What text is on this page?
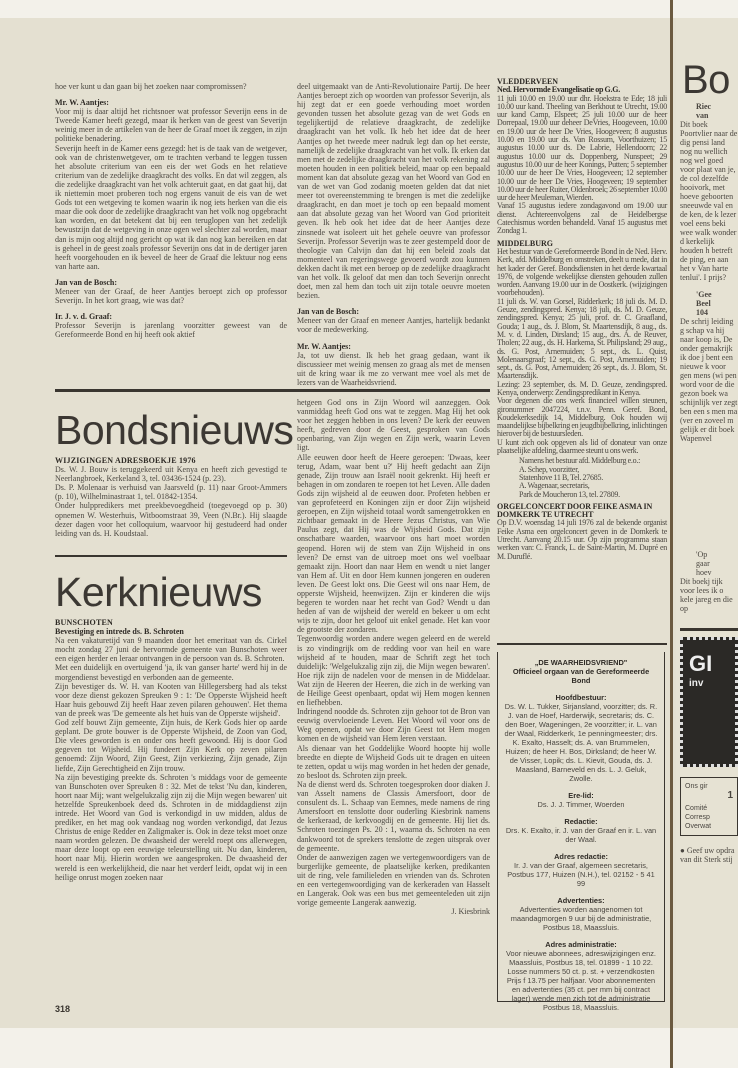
hoe ver kunt u dan gaan bij het zoeken naar compromissen?

Mr. W. Aantjes:

Voor mij is daar altijd het richtsnoer wat professor Severijn eens in de Tweede Kamer heeft gezegd, maar ik herken van de geest van Severijn weinig meer in de artikelen van de heer de Graaf moet ik zeggen, in zijn politieke benadering.

Severijn heeft in de Kamer eens gezegd: het is de taak van de wetgever, ook van de christenwetgever, om te trachten verband te leggen tussen het absolute criterium van een eis der wet Gods en het relatieve criterium van de zedelijke draagkracht des volks. En dat wil zeggen, als die zedelijke draagkracht van het volk achteruit gaat, en dat gaat hij, dat ik niettemin moet proberen toch nog ergens vanuit de eis van de wet Gods tot een wetgeving te komen waarin ik nog iets herken van die eis maar die ook door de zedelijke draagkracht van het volk nog opgebracht kan worden, en dat betekent dat bij een teruglopen van het zedelijk bewustzijn dat de wetgeving in onze ogen wel slechter zal worden, maar dan is mijn oog altijd nog gericht op wat ik dan nog kan bereiken en dat is geheel in de geest zoals professor Severijn ons dat in de dertiger jaren heeft voorgehouden en ik beveel de heer de Graaf die lektuur nog eens van harte aan.

Jan van de Bosch:

Meneer van der Graaf, de heer Aantjes beroept zich op professor Severijn. In het kort graag, wie was dat?

Ir. J. v. d. Graaf:

Professor Severijn is jarenlang voorzitter geweest van de Gereformeerde Bond en hij heeft ook aktief

deel uitgemaakt van de Anti-Revolutionaire Partij. De heer Aantjes beroept zich op woorden van professor Severijn, als hij zegt dat er een goede verhouding moet worden gevonden tussen het absolute gezag van de wet Gods en tegelijkertijd de relatieve draagkracht, de zedelijke draagkracht van het volk. Ik heb het idee dat de heer Aantjes op het tweede meer nadruk legt dan op het eerste, namelijk de zedelijke draagkracht van het volk. Ik erken dat men met de zedelijke draagkracht van het volk rekening zal moeten houden in een politiek beleid, maar op een bepaald moment kan dat absolute gezag van het Woord van God en van de wet van God zodanig moeten gelden dat dat niet meer tot overeenstemming te brengen is met die zedelijke draagkracht, en dan moet je toch op een bepaald moment aan dat absolute gezag van het Woord van God prioriteit geven. Ik heb ook het idee dat de heer Aantjes deze zinsnede wat isoleert uit het gehele oeuvre van professor Severijn. Professor Severijn was te zeer gestempeld door de theologie van Calvijn dan dat hij een beleid zoals dat momenteel van regeringswege gevoerd wordt zou kunnen dekken dacht ik met een beroep op de zedelijke draagkracht van het volk. Ik geloof dat men dan toch Severijn onrecht doet, men zal hem dan toch uit zijn totale oeuvre moeten bezien.

Jan van de Bosch:

Meneer van der Graaf en meneer Aantjes, hartelijk bedankt voor de medewerking.

Mr. W. Aantjes:

Ja, tot uw dienst. Ik heb het graag gedaan, want ik discussieer met weinig mensen zo graag als met de mensen uit de kring waar ik me zo verwant mee voel als met de lezers van de Waarheidsvriend.

Bondsnieuws
WIJZIGINGEN ADRESBOEKJE 1976

Ds. W. J. Bouw is teruggekeerd uit Kenya en heeft zich gevestigd te Neerlangbroek, Kerkeland 3, tel. 03436-1524 (p. 23).

Ds. P. Molenaar is verhuisd van Jaarsveld (p. 11) naar Groot-Ammers (p. 10), Wilhelminastraat 1, tel. 01842-1354.

Onder hulppredikers met preekbevoegdheid (toegevoegd op p. 30) opnemen W. Westerhuis, Witboomstraat 39, Veen (N.Br.). Hij slaagde dezer dagen voor het colloquium, waarvoor hij gestudeerd had onder leiding van ds. H. Koudstaal.

Kerknieuws
BUNSCHOTEN
Bevestiging en intrede ds. B. Schroten

Na een vakaturetijd van 9 maanden door het emeritaat van ds. Cirkel mocht zondag 27 juni de hervormde gemeente van Bunschoten weer een eigen herder en leraar ontvangen in de persoon van ds. B. Schroten.

Met een duidelijk en overtuigend 'ja, ik van ganser harte' werd hij in de morgendienst bevestigd en verbonden aan de gemeente.

Zijn bevestiger ds. W. H. van Kooten van Hillegersberg had als tekst voor deze dienst gekozen Spreuken 9 : 1: 'De Opperste Wijsheid heeft Haar huis gebouwd Zij heeft Haar zeven pilaren gehouwen'. Het thema van de preek was 'De gemeente als het huis van de Opperste wijsheid'.

God zelf bouwt Zijn gemeente, Zijn huis, de Kerk Gods hier op aarde geplant. De grote bouwer is de Opperste Wijsheid, de Zoon van God, Die vlees geworden is en onder ons heeft gewoond. Hij is door God gegeven tot Wijsheid. Hij fundeert Zijn Kerk op zeven pilaren genoemd: Zijn Woord, Zijn Geest, Zijn verkiezing, Zijn genade, Zijn liefde, Zijn Gerechtigheid en Zijn trouw.

Na zijn bevestiging preekte ds. Schroten 's middags voor de gemeente van Bunschoten over Spreuken 8 : 32. Met de tekst 'Nu dan, kinderen, hoort naar Mij; want welgelukzalig zijn zij die Mijn wegen bewaren' uit hetzelfde Spreukenboek deed ds. Schroten in de middagdienst zijn intrede. Het Woord van God is verkondigd in uw midden, aldus de prediker, en het mag ook vandaag nog worden verkondigd, dat Jezus Christus de enige Redder en Zaligmaker is. Ook in deze tekst moet onze naam worden gelezen. De dwaasheid der wereld roept ons allerwegen, maar deze loopt op een eeuwige teleurstelling uit. Nu dan, kinderen, hoort naar Mij. Hierin worden we aangesproken. De dwaasheid der wereld is een werkelijkheid, die naar het verderf leidt, opdat wij in een heilige onrust mogen zoeken naar

hetgeen God ons in Zijn Woord wil aanzeggen. Ook vanmiddag heeft God ons wat te zeggen. Mag Hij het ook voor het zeggen hebben in ons leven? De kerk der eeuwen heeft, gedreven door de Geest, gesproken van Gods openbaring, van Zijn wegen en Zijn werk, waarin Leven ligt.

Alle eeuwen door heeft de Heere geroepen: 'Dwaas, keer terug, Adam, waar bent u?' Hij heeft gedacht aan Zijn genade, Zijn trouw aan Israël nooit gekrenkt. Hij heeft er behagen in om zondaren te roepen tot het Leven. Alle daden Gods zijn wijsheid al de eeuwen door. Profeten hebben er van geprofeteerd en Koningen zijn er door Zijn wijsheid geroepen, en Zijn wijsheid totaal wordt samengetrokken en zichtbaar gemaakt in de Heere Jezus Christus, van Wie Paulus zegt, dat Hij was de Wijsheid Gods. Dat zijn onschatbare waarden, waarvoor ons hart moet worden geopend. Horen wij de stem van Zijn Wijsheid in ons leven? De ernst van de uitroep moet ons wel voelbaar gemaakt zijn. Hoort dan naar Hem en wendt u niet langer van Hem af. Uit en door Hem kunnen jongeren en ouderen leven. De Geest lokt ons. Die Geest wil ons naar Hem, de opperste Wijsheid, heenwijzen. Zijn er kinderen die wijs begeren te worden naar het recht van God? Wendt u dan heden af van de wijsheid der wereld en bekeer u om echt wijs te zijn, door het geloof uit enkel genade. Het kan voor de grootste der zondaren.

Tegenwoordig worden andere wegen geleerd en de wereld is zo vindingrijk om de redding voor van heil en ware wijsheid af te houden, maar de Schrift zegt het toch duidelijk: 'Welgelukzalig zijn zij, die Mijn wegen bewaren'. Hoe rijk zijn de nadelen voor de mensen in de Middelaar. Wat zijn de Heeren der Heeren, die zich in de werking van de Heilige Geest openbaart, opdat wij Hem mogen kennen en liefhebben.

Indringend noodde ds. Schroten zijn gehoor tot de Bron van eeuwig overvloeiende Leven. Het Woord wil voor ons de Weg openen, opdat we door Zijn Geest tot Hem mogen komen en de wijsheid van Hem leren verstaan.

Als dienaar van het Goddelijke Woord hoopte hij wolle breedte en diepte de Wijsheid Gods uit te dragen en uiteen te zetten, opdat u wijs mag worden in het heden der genade, zo besloot ds. Schroten zijn preek.

Na de dienst werd ds. Schroten toegesproken door diaken J. van Asselt namens de Classis Amersfoort, door de consulent ds. L. Schaap van Eemnes, mede namens de ring Amersfoort en tenslotte door ouderling Kiesbrink namens de kerkeraad, de kerkvoogdij en de gemeente. Hij liet ds. Schroten toezingen Ps. 20 : 1, waarna ds. Schroten na een dankwoord tot de sprekers tenslotte de zegen uitsprak over de gemeente.

Onder de aanwezigen zagen we vertegenwoordigers van de burgerlijke gemeente, de plaatselijke kerken, predikanten uit de ring, vele familieleden en vrienden van ds. Schroten en een vertegenwoordiging van de kerkeraden van Hasselt en Langerak. Ook was een bus met gemeenteleden uit zijn vorige gemeente Langerak aanwezig.

J. Kiesbrink

VLEDDERVEEN
Ned. Hervormde Evangelisatie op G.G.

11 juli 10.00 en 19.00 uur dhr. Hoekstra te Ede; 18 juli 10.00 uur kand. Theeling van Berkhout te Utrecht, 19.00 uur kand Camp, Elspeet; 25 juli 10.00 uur de heer Dorrepaal, 19.00 uur deheer DeVries, Hoogeveen, 10.00 en 19.00 uur de heer De Vries, Hoogeveen; 8 augustus 10.00 en 19.00 uur ds. Van Rossum, Voorthuizen; 15 augustus 10.00 uur ds. De Labrie, Hellendoorn; 22 augustus 10.00 uur ds. Doppenberg, Nunspeet; 29 augustus 10.00 uur de heer Konings, Putten; 5 september 10.00 uur de heer De Vries, Hoogeveen; 12 september 10.00 uur de heer De Vries, Hoogeveen; 19 september 10.00 uur de heer Ruiter, Oldenbroek; 26 september 10.00 uur de heer Meuleman, Wierden.

Vanaf 15 augustus iedere zondagavond om 19.00 uur dienst. Achtereenvolgens zal de Heidelbergse Catechismus worden behandeld. Vanaf 15 augustus met Zondag 1.

MIDDELBURG

Het bestuur van de Gereformeerde Bond in de Ned. Herv. Kerk, afd. Middelburg en omstreken, deelt u mede, dat in het kader der Geref. Bondsdiensten in het derde kwartaal 1976, de volgende wekelijkse diensten gehouden zullen worden. Aanvang 19.00 uur in de Oostkerk. (wijzigingen voorbehouden).

11 juli ds. W. van Gorsel, Ridderkerk; 18 juli ds. M. D. Geuze, zendingspred. Kenya; 18 juli, ds. M. D. Geuze, zendingspred. Kenya; 25 juli, prof. dr. C. Graafland, Gouda; 1 aug., ds. J. Blom, St. Maartensdijk, 8 aug., ds. M. v. d. Linden, Dirsland; 15 aug., drs. A. de Reuver, Tholen; 22 aug., ds. H. Harkema, St. Philipsland; 29 aug., ds. G. Post, Arnemuiden; 5 sept., ds. L. Quist, Molenaarsgraaf; 12 sept., ds. G. Post, Arnemuiden; 19 sept., ds. G. Post, Arnemuiden; 26 sept., ds. J. Blom, St. Maartensdijk.

Lezing: 23 september, ds. M. D. Geuze, zendingspred. Kenya, onderwerp: Zendingspredikant in Kenya.

Voor degenen die ons werk financieel willen steunen, gironummer 2047224, t.n.v. Penn. Geref. Bond, Koudekerksedijk 14, Middelburg. Ook houden wij maandelijkse bijbelkring en jeugdbijbelkring, inlichtingen hierover bij de bestuursleden.

U kunt zich ook opgeven als lid of donateur van onze plaatselijke afdeling, daarmee steunt u ons werk.

Namens het bestuur afd. Middelburg e.o.:
A. Schep, voorzitter,
Statenhove 11 B, Tel. 27685.
A. Wagenaar, secretaris,
Park de Moucheron 13, tel. 27809.
ORGELCONCERT DOOR FEIKE ASMA IN DOMKERK TE UTRECHT

Op D.V. woensdag 14 juli 1976 zal de bekende organist Feike Asma een orgelconcert geven in de Domkerk te Utrecht. Aanvang 20.15 uur. Op zijn programma staan werken van: C. Franck, L. de Saint-Martin, M. Dupré en M. Duruflé.

„DE WAARHEIDSVRIEND"
Officieel orgaan van de Gereformeerde Bond
Hoofdbestuur:
Ds. W. L. Tukker, Sirjansland, voorzitter; ds. R. J. van de Hoef, Harderwijk, secretaris; ds. C. den Boer, Wageningen, 2e voorzitter; ir. L. van der Waal, Ridderkerk, 1e penningmeester; drs. K. Exalto, Hasselt; ds. A. van Brummelen, Huizen; de heer H. Bos, Dirksland; de heer W. de Visser, Lopik; ds. L. Kievit, Gouda, ds. J. Maasland, Barneveld en ds. L. J. Geluk, Zwolle.
Ere-lid:
Ds. J. J. Timmer, Woerden
Redactie:
Drs. K. Exalto, ir. J. van der Graaf en ir. L. van der Waal.
Adres redactie:
Ir. J. van der Graaf, algemeen secretaris, Postbus 177, Huizen (N.H.), tel. 02152 - 5 41 99
Advertenties:
Advertenties worden aangenomen tot maandagmorgen 9 uur bij de administratie, Postbus 18, Maassluis.
Adres administratie:
Voor nieuwe abonnees, adreswijzigingen enz. Maassluis, Postbus 18, tel. 01899 - 1 10 22. Losse nummers 50 ct. p. st. + verzendkosten Prijs f 13.75 per halfjaar. Voor abonnementen en advertenties (35 ct. per mm bij contract lager) wende men zich tot de administratie Postbus 18, Maassluis.
318
Bo
Riec
van
Dit boek Poortvlier naar de dig pensi land nog nu wellich nog wel goed voor plaat van je, de col dezelfde hooivork, met hoeve geboorten sneeuwde val en de ken, de k lezer voel eens beki wee walk wonder d kerkelijk houden h betreft de ping, en aan het v Van harte tenlui'. I prijs?
'Gee
Beel
104
De schrij leiding g schap va hij naar koop is, De onder gemakrijk ik doe j bent een nieuwe k voor gen mens (wi pen word voor de die gezon boek wa schijnlijk ver zegt ben een s men ma (ver en zoveel m gelijk er dit boek Wapenvel
'Op
gaar
hoev
Dit boekj tijk voor lees ik o kele jareg en die op
GI
inv
Ons gir
1
Comité
Corresp
Overwat
● Geef uw opdra van dit Sterk stij
